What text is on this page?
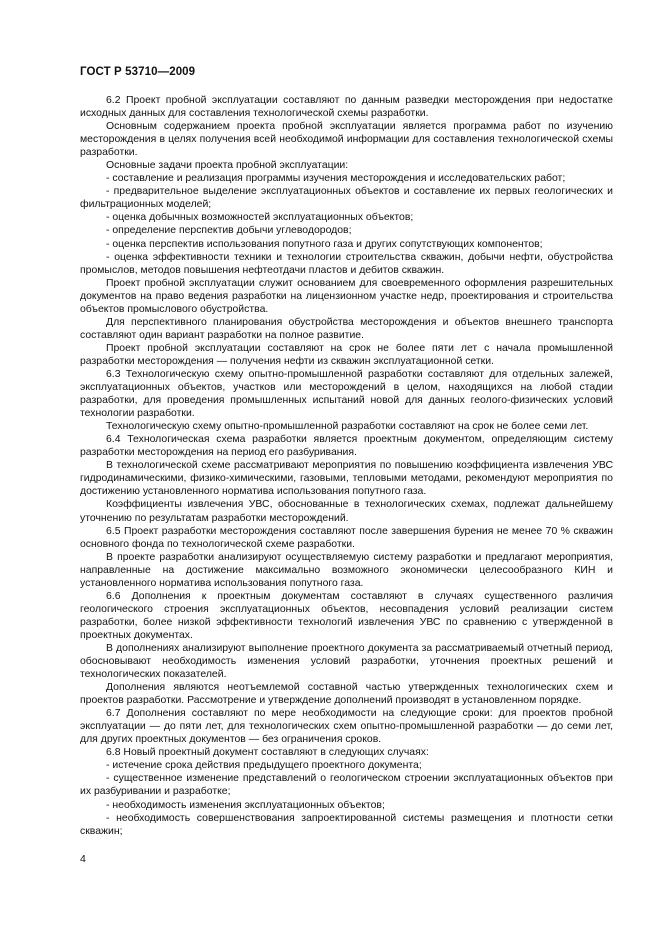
ГОСТ Р 53710—2009

6.2 Проект пробной эксплуатации составляют по данным разведки месторождения при недостатке исходных данных для составления технологической схемы разработки.

Основным содержанием проекта пробной эксплуатации является программа работ по изучению месторождения в целях получения всей необходимой информации для составления технологической схемы разработки.

Основные задачи проекта пробной эксплуатации:

- составление и реализация программы изучения месторождения и исследовательских работ;

- предварительное выделение эксплуатационных объектов и составление их первых геологических и фильтрационных моделей;

- оценка добычных возможностей эксплуатационных объектов;

- определение перспектив добычи углеводородов;

- оценка перспектив использования попутного газа и других сопутствующих компонентов;

- оценка эффективности техники и технологии строительства скважин, добычи нефти, обустройства промыслов, методов повышения нефтеотдачи пластов и дебитов скважин.

Проект пробной эксплуатации служит основанием для своевременного оформления разрешительных документов на право ведения разработки на лицензионном участке недр, проектирования и строительства объектов промыслового обустройства.

Для перспективного планирования обустройства месторождения и объектов внешнего транспорта составляют один вариант разработки на полное развитие.

Проект пробной эксплуатации составляют на срок не более пяти лет с начала промышленной разработки месторождения — получения нефти из скважин эксплуатационной сетки.

6.3 Технологическую схему опытно-промышленной разработки составляют для отдельных залежей, эксплуатационных объектов, участков или месторождений в целом, находящихся на любой стадии разработки, для проведения промышленных испытаний новой для данных геолого-физических условий технологии разработки.

Технологическую схему опытно-промышленной разработки составляют на срок не более семи лет.

6.4 Технологическая схема разработки является проектным документом, определяющим систему разработки месторождения на период его разбуривания.

В технологической схеме рассматривают мероприятия по повышению коэффициента извлечения УВС гидродинамическими, физико-химическими, газовыми, тепловыми методами, рекомендуют мероприятия по достижению установленного норматива использования попутного газа.

Коэффициенты извлечения УВС, обоснованные в технологических схемах, подлежат дальнейшему уточнению по результатам разработки месторождений.

6.5 Проект разработки месторождения составляют после завершения бурения не менее 70 % скважин основного фонда по технологической схеме разработки.

В проекте разработки анализируют осуществляемую систему разработки и предлагают мероприятия, направленные на достижение максимально возможного экономически целесообразного КИН и установленного норматива использования попутного газа.

6.6 Дополнения к проектным документам составляют в случаях существенного различия геологического строения эксплуатационных объектов, несовпадения условий реализации систем разработки, более низкой эффективности технологий извлечения УВС по сравнению с утвержденной в проектных документах.

В дополнениях анализируют выполнение проектного документа за рассматриваемый отчетный период, обосновывают необходимость изменения условий разработки, уточнения проектных решений и технологических показателей.

Дополнения являются неотъемлемой составной частью утвержденных технологических схем и проектов разработки. Рассмотрение и утверждение дополнений производят в установленном порядке.

6.7 Дополнения составляют по мере необходимости на следующие сроки: для проектов пробной эксплуатации — до пяти лет, для технологических схем опытно-промышленной разработки — до семи лет, для других проектных документов — без ограничения сроков.

6.8 Новый проектный документ составляют в следующих случаях:

- истечение срока действия предыдущего проектного документа;

- существенное изменение представлений о геологическом строении эксплуатационных объектов при их разбуривании и разработке;

- необходимость изменения эксплуатационных объектов;

- необходимость совершенствования запроектированной системы размещения и плотности сетки скважин;

4
